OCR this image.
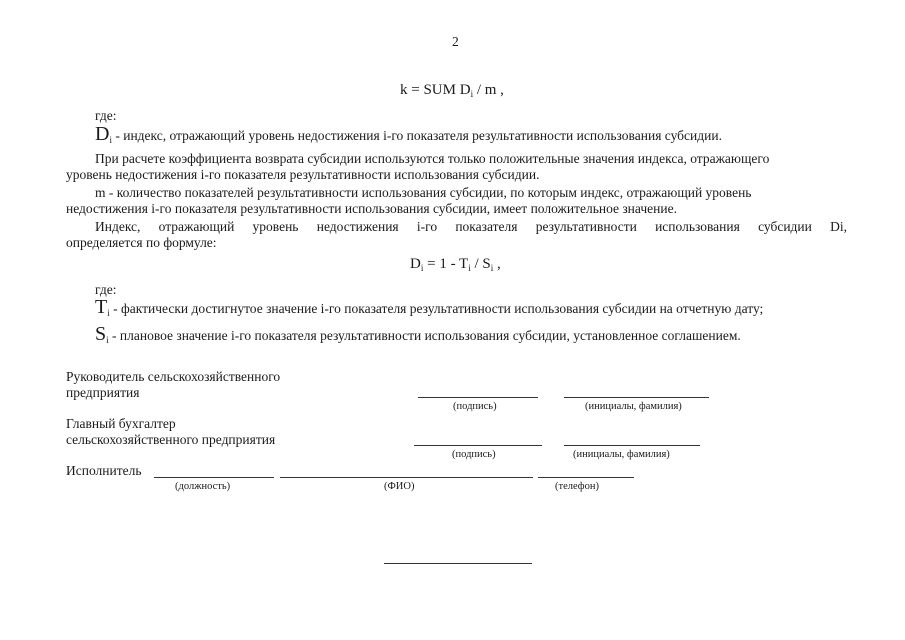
2
k = SUM $D_i$ / m ,
где:
$D_i$ - индекс, отражающий уровень недостижения i-го показателя результативности использования субсидии.
При расчете коэффициента возврата субсидии используются только положительные значения индекса, отражающего
уровень недостижения i-го показателя результативности использования субсидии.
m - количество показателей результативности использования субсидии, по которым индекс, отражающий уровень
недостижения i-го показателя результативности использования субсидии, имеет положительное значение.
Индекс, отражающий уровень недостижения i-го показателя результативности использования субсидии Di,
определяется по формуле:
$D_i = 1 - T_i / S_i$ ,
где:
$T_i$ - фактически достигнутое значение i-го показателя результативности использования субсидии на отчетную дату;
$S_i$ - плановое значение i-го показателя результативности использования субсидии, установленное соглашением.
Руководитель сельскохозяйственного
предприятия
(подпись)	(инициалы, фамилия)
Главный бухгалтер
сельскохозяйственного предприятия
(подпись)	(инициалы, фамилия)
Исполнитель
(должность)	(ФИО)	(телефон)
